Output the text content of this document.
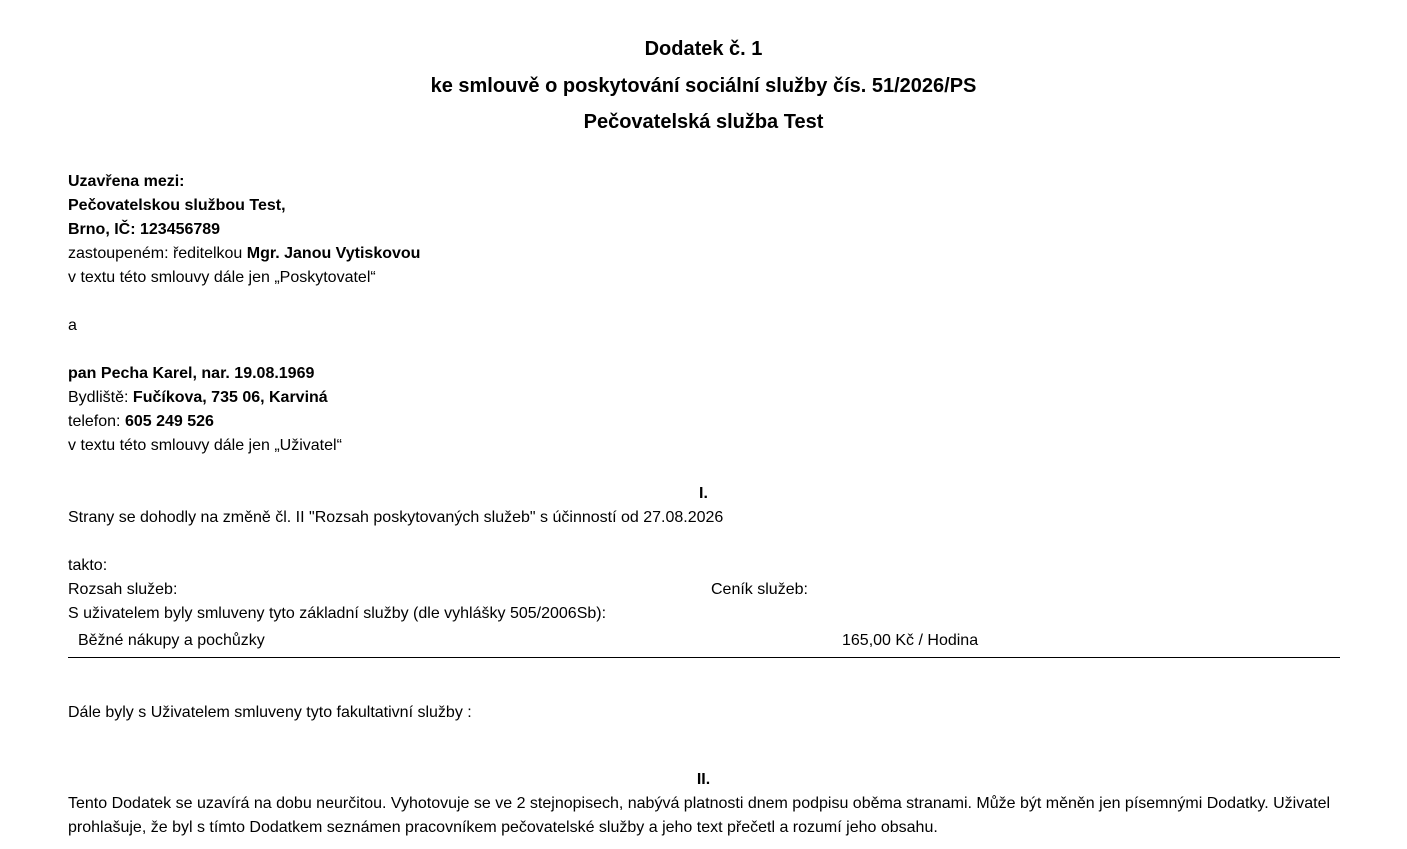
Dodatek č. 1
ke smlouvě o poskytování sociální služby čís. 51/2026/PS
Pečovatelská služba Test
Uzavřena mezi:
Pečovatelskou službou Test,
Brno, IČ: 123456789
zastoupeném: ředitelkou Mgr. Janou Vytiskovou
v textu této smlouvy dále jen „Poskytovatel“
a
pan Pecha Karel, nar. 19.08.1969
Bydliště: Fučíkova, 735 06, Karviná
telefon: 605 249 526
v textu této smlouvy dále jen „Uživatel“
I.
Strany se dohodly na změně čl. II "Rozsah poskytovaných služeb" s účinností od 27.08.2026
takto:
Rozsah služeb:	Ceník služeb:
S uživatelem byly smluveny tyto základní služby (dle vyhlášky 505/2006Sb):
Běžné nákupy a pochůzky	165,00 Kč / Hodina
Dále byly s Uživatelem smluveny tyto fakultativní služby :
II.
Tento Dodatek se uzavírá na dobu neurčitou. Vyhotovuje se ve 2 stejnopisech, nabývá platnosti dnem podpisu oběma stranami. Může být měněn jen písemnými Dodatky. Uživatel prohlašuje, že byl s tímto Dodatkem seznámen pracovníkem pečovatelské služby a jeho text přečetl a rozumí jeho obsahu.
